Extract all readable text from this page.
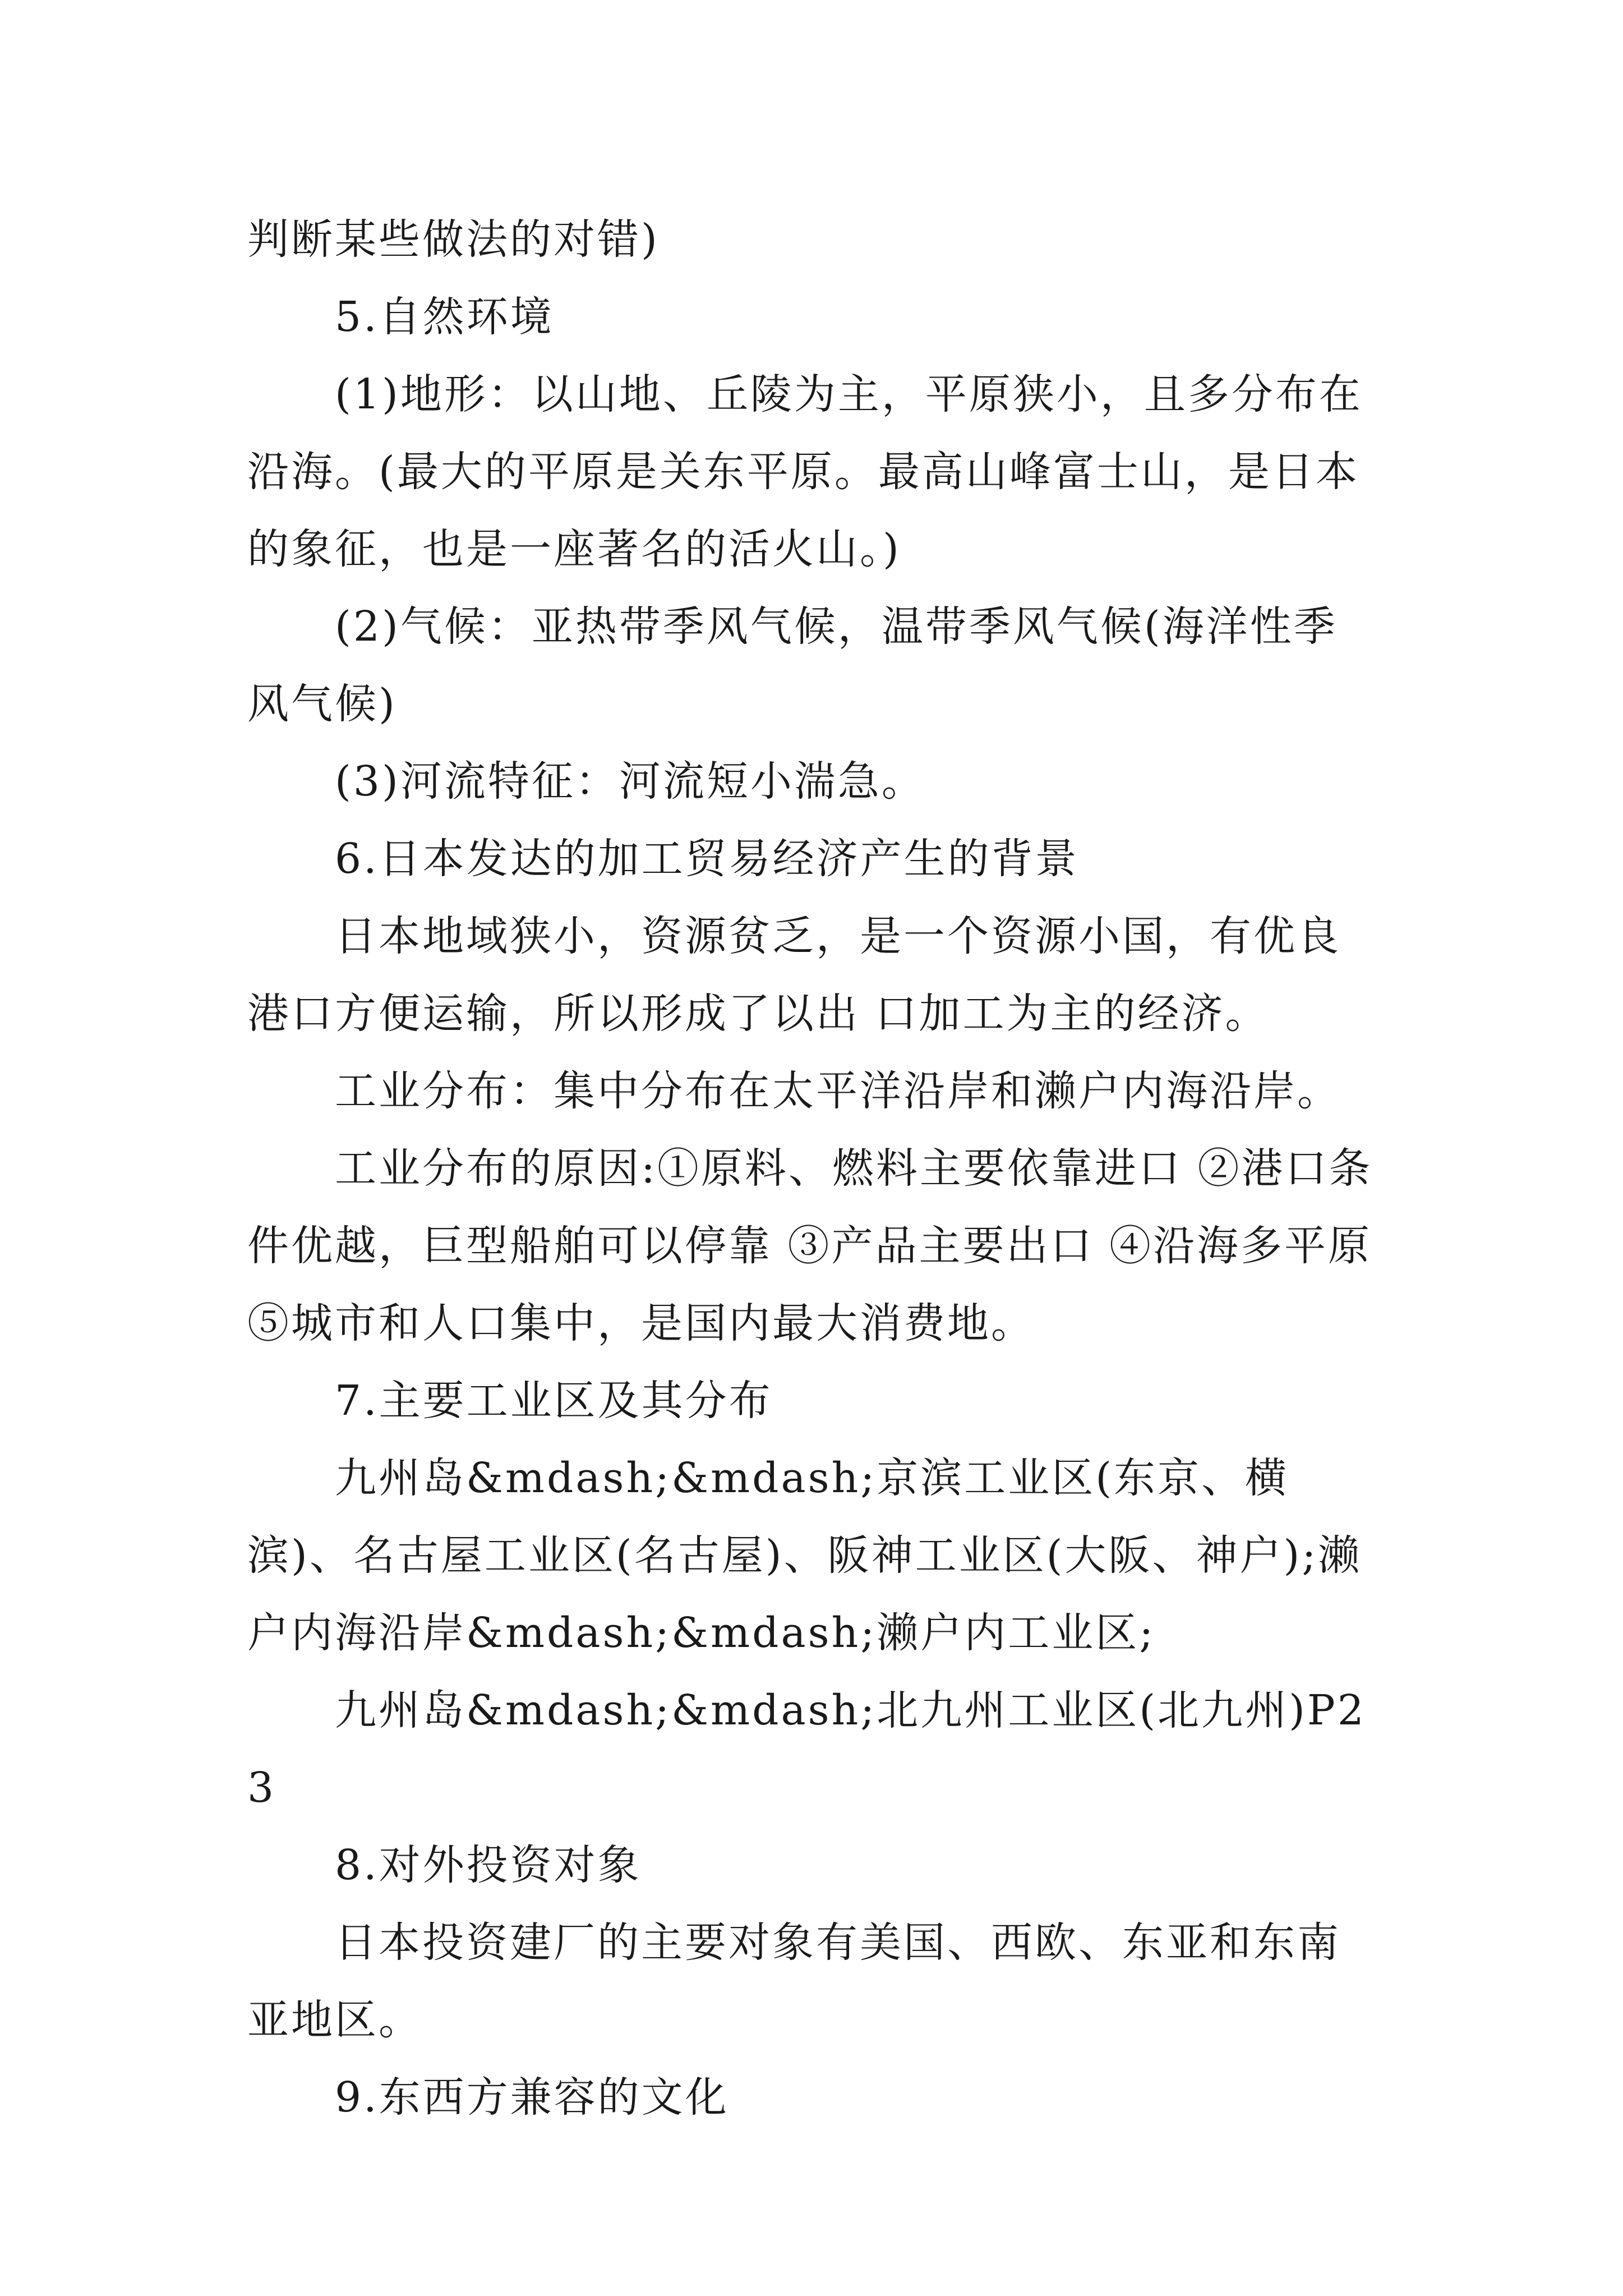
判断某些做法的对错)

5.自然环境

(1)地形：以山地、丘陵为主，平原狭小，且多分布在沿海。(最大的平原是关东平原。最高山峰富士山，是日本的象征，也是一座著名的活火山。)

(2)气候：亚热带季风气候，温带季风气候(海洋性季风气候)

(3)河流特征：河流短小湍急。

6.日本发达的加工贸易经济产生的背景

日本地域狭小，资源贫乏，是一个资源小国，有优良港口方便运输，所以形成了以出 口加工为主的经济。

工业分布：集中分布在太平洋沿岸和濑户内海沿岸。

工业分布的原因:①原料、燃料主要依靠进口 ②港口条件优越，巨型船舶可以停靠 ③产品主要出口 ④沿海多平原⑤城市和人口集中，是国内最大消费地。

7.主要工业区及其分布

九州岛&mdash;&mdash;京滨工业区(东京、横滨)、名古屋工业区(名古屋)、阪神工业区(大阪、神户);濑户内海沿岸&mdash;&mdash;濑户内工业区;

九州岛&mdash;&mdash;北九州工业区(北九州)P23

8.对外投资对象

日本投资建厂的主要对象有美国、西欧、东亚和东南亚地区。

9.东西方兼容的文化
